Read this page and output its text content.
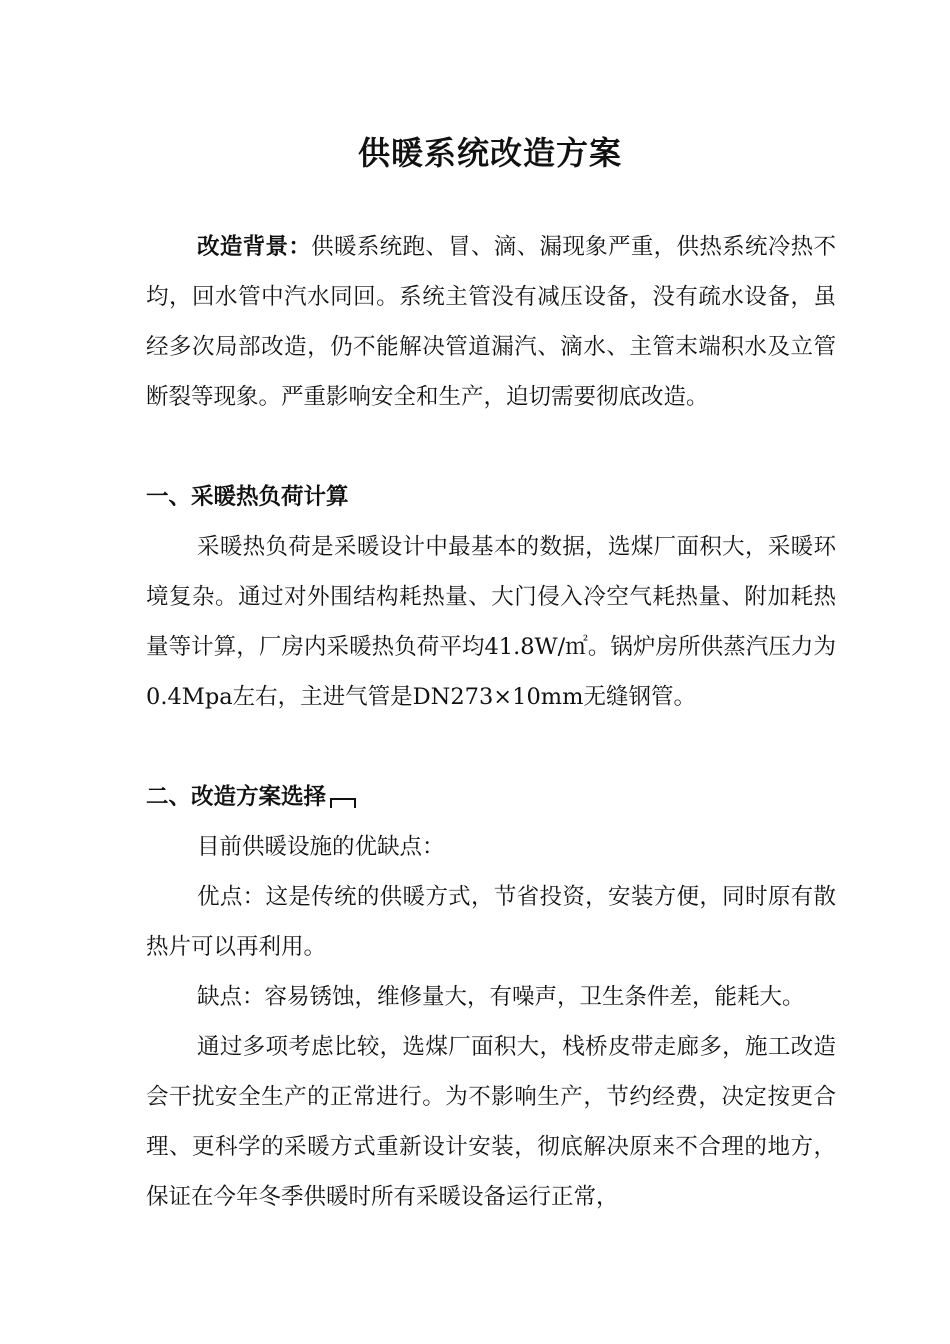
供暖系统改造方案
改造背景：供暖系统跑、冒、滴、漏现象严重，供热系统冷热不均，回水管中汽水同回。系统主管没有减压设备，没有疏水设备，虽经多次局部改造，仍不能解决管道漏汽、滴水、主管末端积水及立管断裂等现象。严重影响安全和生产，迫切需要彻底改造。
一、采暖热负荷计算
采暖热负荷是采暖设计中最基本的数据，选煤厂面积大，采暖环境复杂。通过对外围结构耗热量、大门侵入冷空气耗热量、附加耗热量等计算，厂房内采暖热负荷平均41.8W/㎡。锅炉房所供蒸汽压力为0.4Mpa左右，主进气管是DN273×10mm无缝钢管。
二、改造方案选择
目前供暖设施的优缺点：
优点：这是传统的供暖方式，节省投资，安装方便，同时原有散热片可以再利用。
缺点：容易锈蚀，维修量大，有噪声，卫生条件差，能耗大。
通过多项考虑比较，选煤厂面积大，栈桥皮带走廊多，施工改造会干扰安全生产的正常进行。为不影响生产，节约经费，决定按更合理、更科学的采暖方式重新设计安装，彻底解决原来不合理的地方，保证在今年冬季供暖时所有采暖设备运行正常，
